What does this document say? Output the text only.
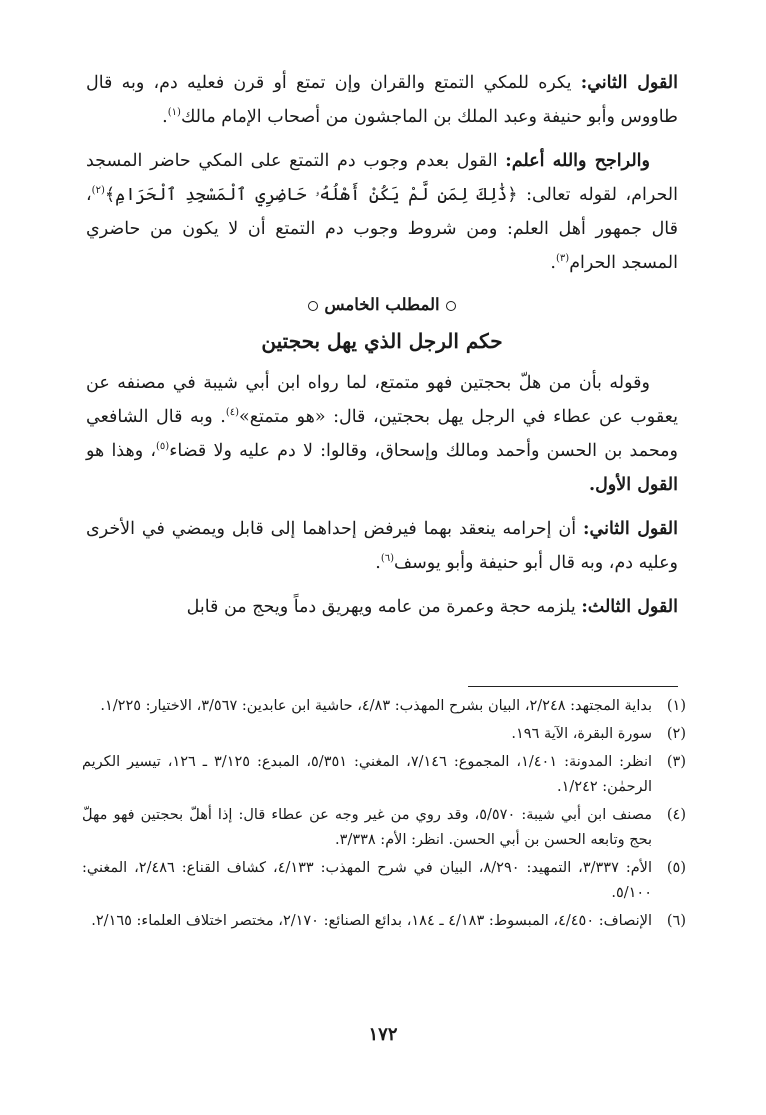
القول الثاني: يكره للمكي التمتع والقران وإن تمتع أو قرن فعليه دم، وبه قال طاووس وأبو حنيفة وعبد الملك بن الماجشون من أصحاب الإمام مالك$^{(١)}$.

والراجح والله أعلم: القول بعدم وجوب دم التمتع على المكي حاضر المسجد الحرام، لقوله تعالى: ﴿ذَٰلِكَ لِمَن لَّمْ يَكُنْ أَهْلُهُۥ حَاضِرِي ٱلْمَسْجِدِ ٱلْحَرَامِ﴾$^{(٢)}$، قال جمهور أهل العلم: ومن شروط وجوب دم التمتع أن لا يكون من حاضري المسجد الحرام$^{(٣)}$.

المطلب الخامس
حكم الرجل الذي يهل بحجتين

وقوله بأن من هلّ بحجتين فهو متمتع، لما رواه ابن أبي شيبة في مصنفه عن يعقوب عن عطاء في الرجل يهل بحجتين، قال: «هو متمتع»$^{(٤)}$. وبه قال الشافعي ومحمد بن الحسن وأحمد ومالك وإسحاق، وقالوا: لا دم عليه ولا قضاء$^{(٥)}$، وهذا هو القول الأول.

القول الثاني: أن إحرامه ينعقد بهما فيرفض إحداهما إلى قابل ويمضي في الأخرى وعليه دم، وبه قال أبو حنيفة وأبو يوسف$^{(٦)}$.

القول الثالث: يلزمه حجة وعمرة من عامه ويهريق دماً ويحج من قابل

(١)
بداية المجتهد: ٢/٢٤٨، البيان بشرح المهذب: ٤/٨٣، حاشية ابن عابدين: ٣/٥٦٧، الاختيار: ١/٢٢٥.
(٢)
سورة البقرة، الآية ١٩٦.
(٣)
انظر: المدونة: ١/٤٠١، المجموع: ٧/١٤٦، المغني: ٥/٣٥١، المبدع: ٣/١٢٥ ـ ١٢٦، تيسير الكريم الرحمٰن: ١/٢٤٢.
(٤)
مصنف ابن أبي شيبة: ٥/٥٧٠، وقد روي من غير وجه عن عطاء قال: إذا أهلّ بحجتين فهو مهلّ بحج وتابعه الحسن بن أبي الحسن. انظر: الأم: ٣/٣٣٨.
(٥)
الأم: ٣/٣٣٧، التمهيد: ٨/٢٩٠، البيان في شرح المهذب: ٤/١٣٣، كشاف القناع: ٢/٤٨٦، المغني: ٥/١٠٠.
(٦)
الإنصاف: ٤/٤٥٠، المبسوط: ٤/١٨٣ ـ ١٨٤، بدائع الصنائع: ٢/١٧٠، مختصر اختلاف العلماء: ٢/١٦٥.
١٧٢
